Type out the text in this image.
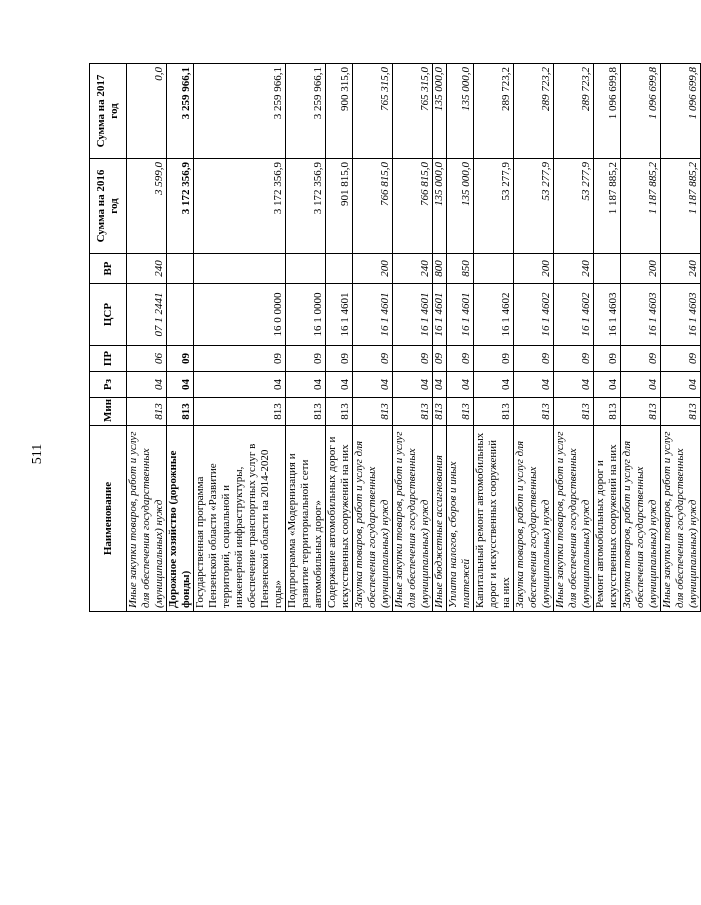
511
Наименование	Мин	Рз	ПР	ЦСР	ВР	Сумма на 2016 год	Сумма на 2017 год
Иные закупки товаров, работ и услуг для обеспечения государственных (муниципальных) нужд	813	04	06	07 1 2441	240	3 599,0	0,0
Дорожное хозяйство (дорожные фонды)	813	04	09			3 172 356,9	3 259 966,1
Государственная программа Пензенской области «Развитие территорий, социальной и инженерной инфраструктуры, обеспечение транспортных услуг в Пензенской области на 2014-2020 годы»	813	04	09	16 0 0000		3 172 356,9	3 259 966,1
Подпрограмма «Модернизация и развитие территориальной сети автомобильных дорог»	813	04	09	16 1 0000		3 172 356,9	3 259 966,1
Содержание автомобильных дорог и искусственных сооружений на них	813	04	09	16 1 4601		901 815,0	900 315,0
Закупка товаров, работ и услуг для обеспечения государственных (муниципальных) нужд	813	04	09	16 1 4601	200	766 815,0	765 315,0
Иные закупки товаров, работ и услуг для обеспечения государственных (муниципальных) нужд	813	04	09	16 1 4601	240	766 815,0	765 315,0
Иные бюджетные ассигнования	813	04	09	16 1 4601	800	135 000,0	135 000,0
Уплата налогов, сборов и иных платежей	813	04	09	16 1 4601	850	135 000,0	135 000,0
Капитальный ремонт автомобильных дорог и искусственных сооружений на них	813	04	09	16 1 4602		53 277,9	289 723,2
Закупка товаров, работ и услуг для обеспечения государственных (муниципальных) нужд	813	04	09	16 1 4602	200	53 277,9	289 723,2
Иные закупки товаров, работ и услуг для обеспечения государственных (муниципальных) нужд	813	04	09	16 1 4602	240	53 277,9	289 723,2
Ремонт автомобильных дорог и искусственных сооружений на них	813	04	09	16 1 4603		1 187 885,2	1 096 699,8
Закупка товаров, работ и услуг для обеспечения государственных (муниципальных) нужд	813	04	09	16 1 4603	200	1 187 885,2	1 096 699,8
Иные закупки товаров, работ и услуг для обеспечения государственных (муниципальных) нужд	813	04	09	16 1 4603	240	1 187 885,2	1 096 699,8
